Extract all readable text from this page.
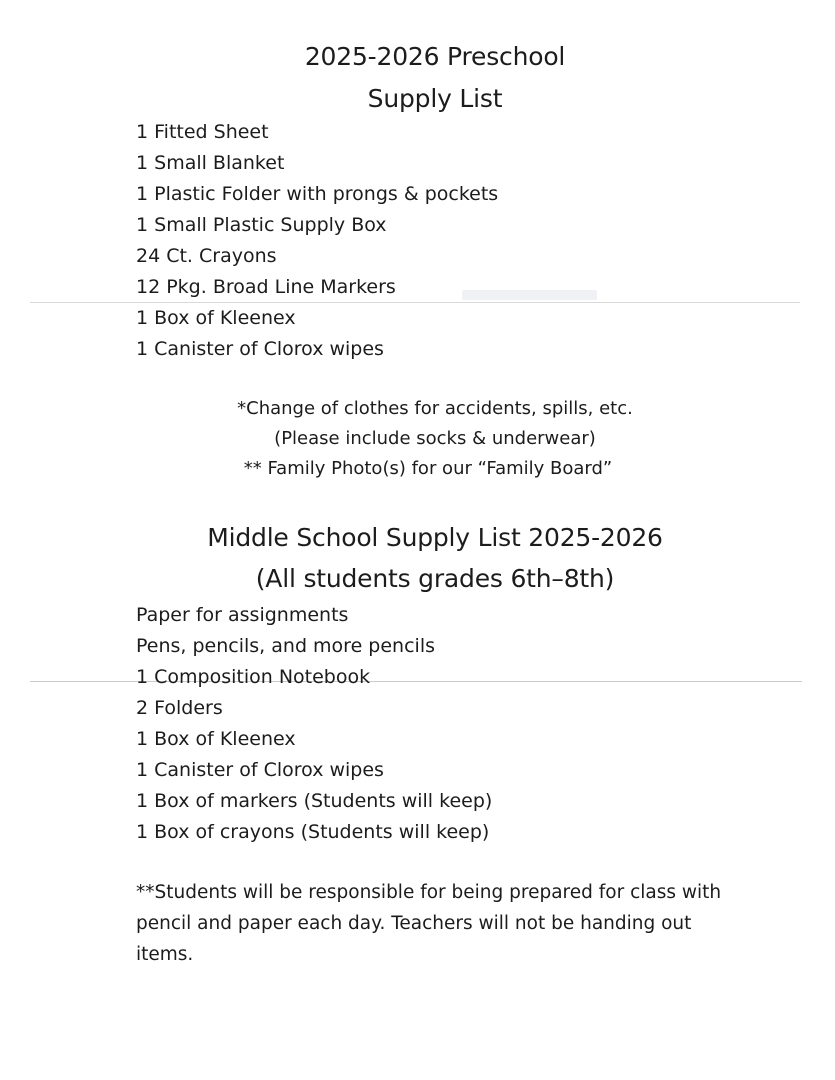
2025-2026 Preschool
Supply List
1 Fitted Sheet
1 Small Blanket
1 Plastic Folder with prongs & pockets
1 Small Plastic Supply Box
24 Ct. Crayons
12 Pkg. Broad Line Markers
1 Box of Kleenex
1 Canister of Clorox wipes
*Change of clothes for accidents, spills, etc.
(Please include socks & underwear)
** Family Photo(s) for our “Family Board”
Middle School Supply List 2025-2026
(All students grades 6th–8th)
Paper for assignments
Pens, pencils, and more pencils
1 Composition Notebook
2 Folders
1 Box of Kleenex
1 Canister of Clorox wipes
1 Box of markers (Students will keep)
1 Box of crayons (Students will keep)
**Students will be responsible for being prepared for class with pencil and paper each day. Teachers will not be handing out items.
